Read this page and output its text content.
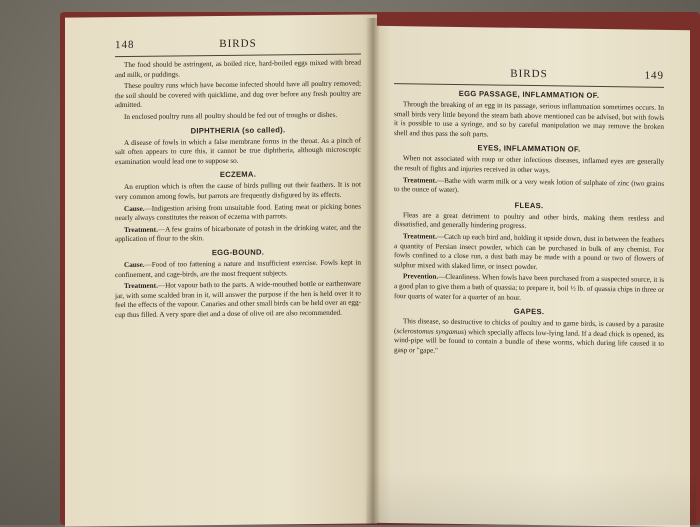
148	BIRDS

The food should be astringent, as boiled rice, hard-boiled eggs mixed with bread and milk, or puddings.

These poultry runs which have become infected should have all poultry removed; the soil should be covered with quicklime, and dug over before any fresh poultry are admitted.

In enclosed poultry runs all poultry should be fed out of troughs or dishes.

DIPHTHERIA (so called).

A disease of fowls in which a false membrane forms in the throat. As a pinch of salt often appears to cure this, it cannot be true diphtheria, although microscopic examination would lead one to suppose so.

ECZEMA.

An eruption which is often the cause of birds pulling out their feathers. It is not very common among fowls, but parrots are frequently disfigured by its effects.

Cause.—Indigestion arising from unsuitable food. Eating meat or picking bones nearly always constitutes the reason of eczema with parrots.

Treatment.—A few grains of bicarbonate of potash in the drinking water, and the application of flour to the skin.

EGG-BOUND.

Cause.—Food of too fattening a nature and insufficient exercise. Fowls kept in confinement, and cage-birds, are the most frequent subjects.

Treatment.—Hot vapour bath to the parts. A wide-mouthed bottle or earthenware jar, with some scalded bran in it, will answer the purpose if the hen is held over it to feel the effects of the vapour. Canaries and other small birds can be held over an egg-cup thus filled. A very spare diet and a dose of olive oil are also recommended.

BIRDS	149
EGG PASSAGE, INFLAMMATION OF.

Through the breaking of an egg in its passage, serious inflammation sometimes occurs. In small birds very little beyond the steam bath above mentioned can be advised, but with fowls it is possible to use a syringe, and so by careful manipulation we may remove the broken shell and thus pass the soft parts.

EYES, INFLAMMATION OF.

When not associated with roup or other infectious diseases, inflamed eyes are generally the result of fights and injuries received in other ways.

Treatment.—Bathe with warm milk or a very weak lotion of sulphate of zinc (two grains to the ounce of water).

FLEAS.

Fleas are a great detriment to poultry and other birds, making them restless and dissatisfied, and generally hindering progress.

Treatment.—Catch up each bird and, holding it upside down, dust in between the feathers a quantity of Persian insect powder, which can be purchased in bulk of any chemist. For fowls confined to a close run, a dust bath may be made with a pound or two of flowers of sulphur mixed with slaked lime, or insect powder.

Prevention.—Cleanliness. When fowls have been purchased from a suspected source, it is a good plan to give them a bath of quassia; to prepare it, boil ½ lb. of quassia chips in three or four quarts of water for a quarter of an hour.

GAPES.

This disease, so destructive to chicks of poultry and to game birds, is caused by a parasite (sclerostomus syngamus) which specially affects low-lying land. If a dead chick is opened, its wind-pipe will be found to contain a bundle of these worms, which during life caused it to gasp or "gape."
